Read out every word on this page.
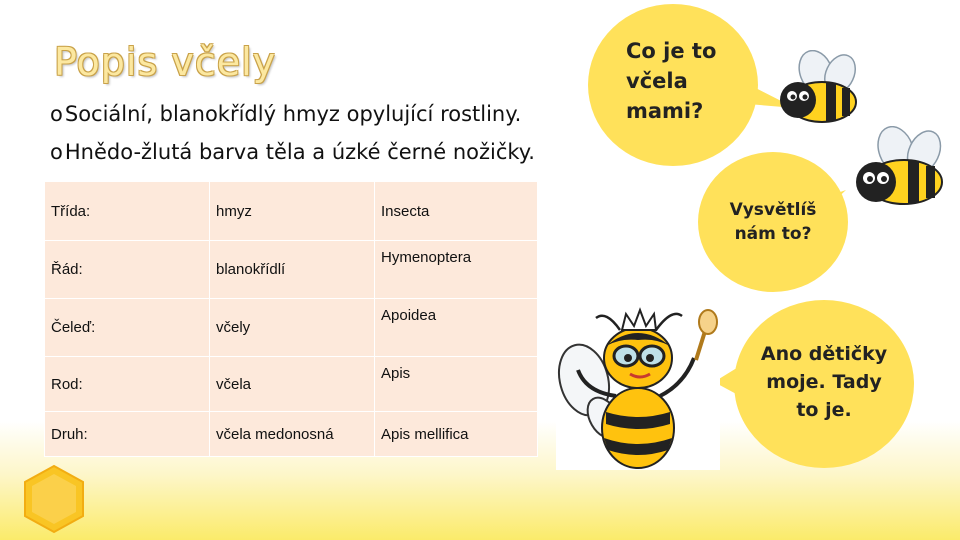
Popis včely
oSociální, blanokřídlý hmyz opylující rostliny.
oHnědo-žlutá barva těla a úzké černé nožičky.
Třída:	hmyz	Insecta
Řád:	blanokřídlí	Hymenoptera
Čeleď:	včely	Apoidea
Rod:	včela	Apis
Druh:	včela medonosná	Apis mellifica
Co je to
včela
mami?
Vysvětlíš
nám to?
Ano dětičky
moje. Tady
to je.
